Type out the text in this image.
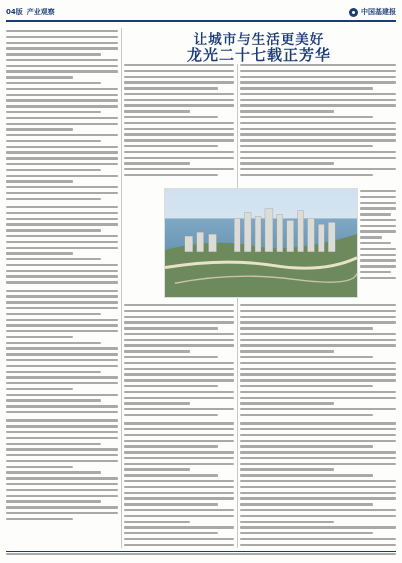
04版 产业观察	中国基建报
让城市与生活更美好
龙光二十七载正芳华
